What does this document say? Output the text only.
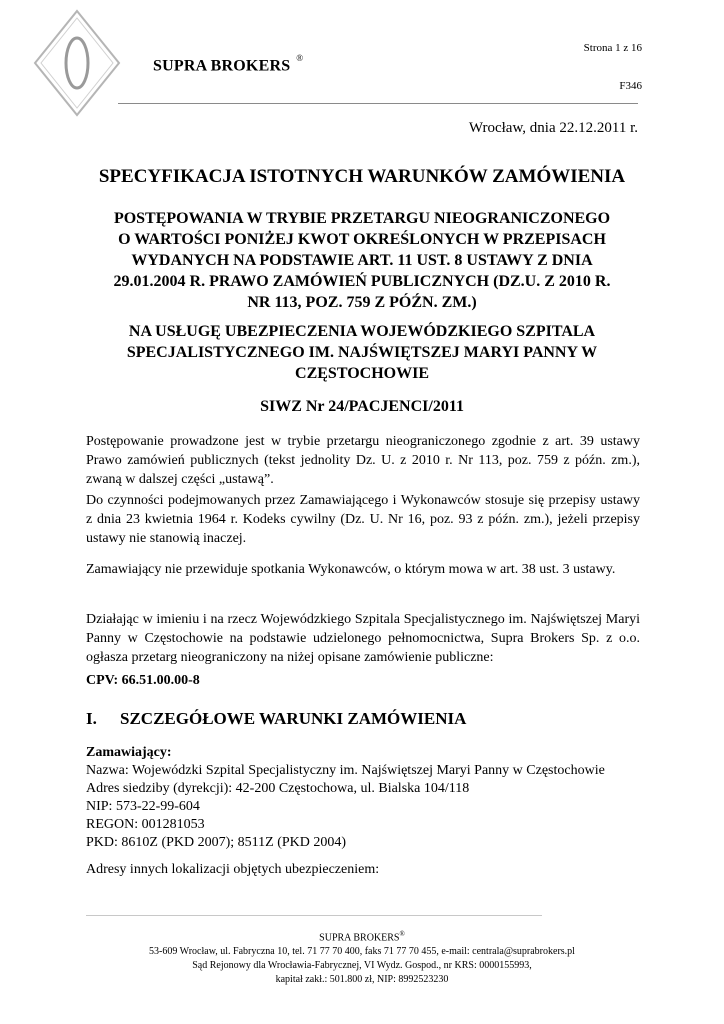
SUPRA BROKERS ®
Strona 1 z 16
F346
Wrocław, dnia 22.12.2011 r.
SPECYFIKACJA ISTOTNYCH WARUNKÓW ZAMÓWIENIA
POSTĘPOWANIA W TRYBIE PRZETARGU NIEOGRANICZONEGO
O WARTOŚCI PONIŻEJ KWOT OKREŚLONYCH W PRZEPISACH
WYDANYCH NA PODSTAWIE ART. 11 UST. 8 USTAWY Z DNIA
29.01.2004 R. PRAWO ZAMÓWIEŃ PUBLICZNYCH (DZ.U. Z 2010 R.
NR 113, POZ. 759 Z PÓŹN. ZM.)
NA USŁUGĘ UBEZPIECZENIA WOJEWÓDZKIEGO SZPITALA
SPECJALISTYCZNEGO IM. NAJŚWIĘTSZEJ MARYI PANNY W
CZĘSTOCHOWIE
SIWZ Nr 24/PACJENCI/2011
Postępowanie prowadzone jest w trybie przetargu nieograniczonego zgodnie z art. 39 ustawy Prawo zamówień publicznych (tekst jednolity Dz. U. z 2010 r. Nr 113, poz. 759 z późn. zm.), zwaną w dalszej części „ustawą”.
Do czynności podejmowanych przez Zamawiającego i Wykonawców stosuje się przepisy ustawy z dnia 23 kwietnia 1964 r. Kodeks cywilny (Dz. U. Nr 16, poz. 93 z późn. zm.), jeżeli przepisy ustawy nie stanowią inaczej.
Zamawiający nie przewiduje spotkania Wykonawców, o którym mowa w art. 38 ust. 3 ustawy.
Działając w imieniu i na rzecz Wojewódzkiego Szpitala Specjalistycznego im. Najświętszej Maryi Panny w Częstochowie na podstawie udzielonego pełnomocnictwa, Supra Brokers Sp. z o.o. ogłasza przetarg nieograniczony na niżej opisane zamówienie publiczne:
CPV: 66.51.00.00-8
I. SZCZEGÓŁOWE WARUNKI ZAMÓWIENIA
Zamawiający:
Nazwa: Wojewódzki Szpital Specjalistyczny im. Najświętszej Maryi Panny w Częstochowie
Adres siedziby (dyrekcji): 42-200 Częstochowa, ul. Bialska 104/118
NIP: 573-22-99-604
REGON: 001281053
PKD: 8610Z (PKD 2007); 8511Z (PKD 2004)
Adresy innych lokalizacji objętych ubezpieczeniem:
SUPRA BROKERS®
53-609 Wrocław, ul. Fabryczna 10, tel. 71 77 70 400, faks 71 77 70 455, e-mail: centrala@suprabrokers.pl
Sąd Rejonowy dla Wrocławia-Fabrycznej, VI Wydz. Gospod., nr KRS: 0000155993,
kapitał zakł.: 501.800 zł, NIP: 8992523230
